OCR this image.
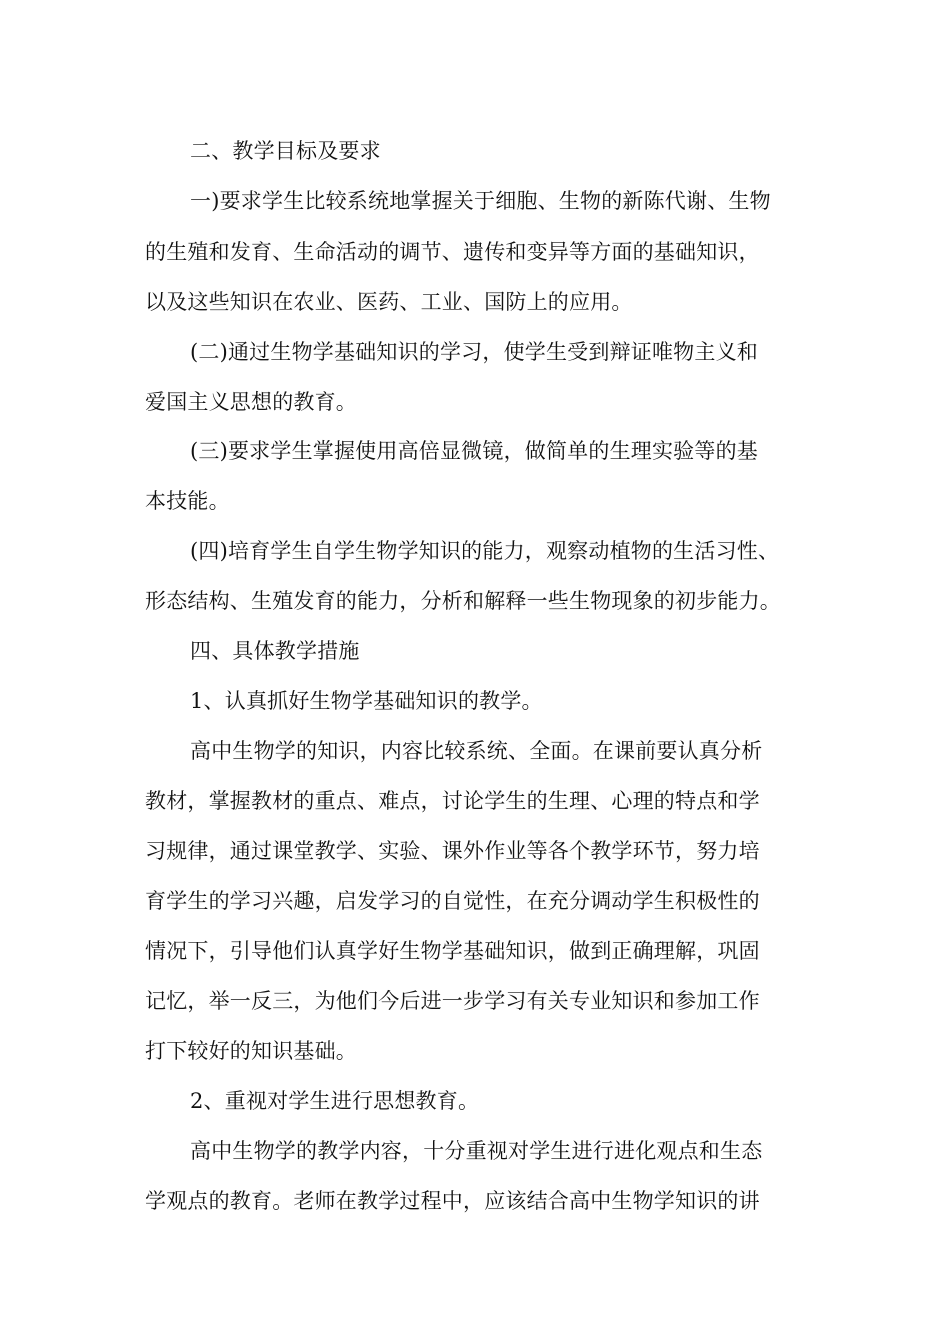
二、教学目标及要求
一)要求学生比较系统地掌握关于细胞、生物的新陈代谢、生物
的生殖和发育、生命活动的调节、遗传和变异等方面的基础知识，
以及这些知识在农业、医药、工业、国防上的应用。
(二)通过生物学基础知识的学习，使学生受到辩证唯物主义和
爱国主义思想的教育。
(三)要求学生掌握使用高倍显微镜，做简单的生理实验等的基
本技能。
(四)培育学生自学生物学知识的能力，观察动植物的生活习性、
形态结构、生殖发育的能力，分析和解释一些生物现象的初步能力。
四、具体教学措施
1、认真抓好生物学基础知识的教学。
高中生物学的知识，内容比较系统、全面。在课前要认真分析
教材，掌握教材的重点、难点，讨论学生的生理、心理的特点和学
习规律，通过课堂教学、实验、课外作业等各个教学环节，努力培
育学生的学习兴趣，启发学习的自觉性，在充分调动学生积极性的
情况下，引导他们认真学好生物学基础知识，做到正确理解，巩固
记忆，举一反三，为他们今后进一步学习有关专业知识和参加工作
打下较好的知识基础。
2、重视对学生进行思想教育。
高中生物学的教学内容，十分重视对学生进行进化观点和生态
学观点的教育。老师在教学过程中，应该结合高中生物学知识的讲
